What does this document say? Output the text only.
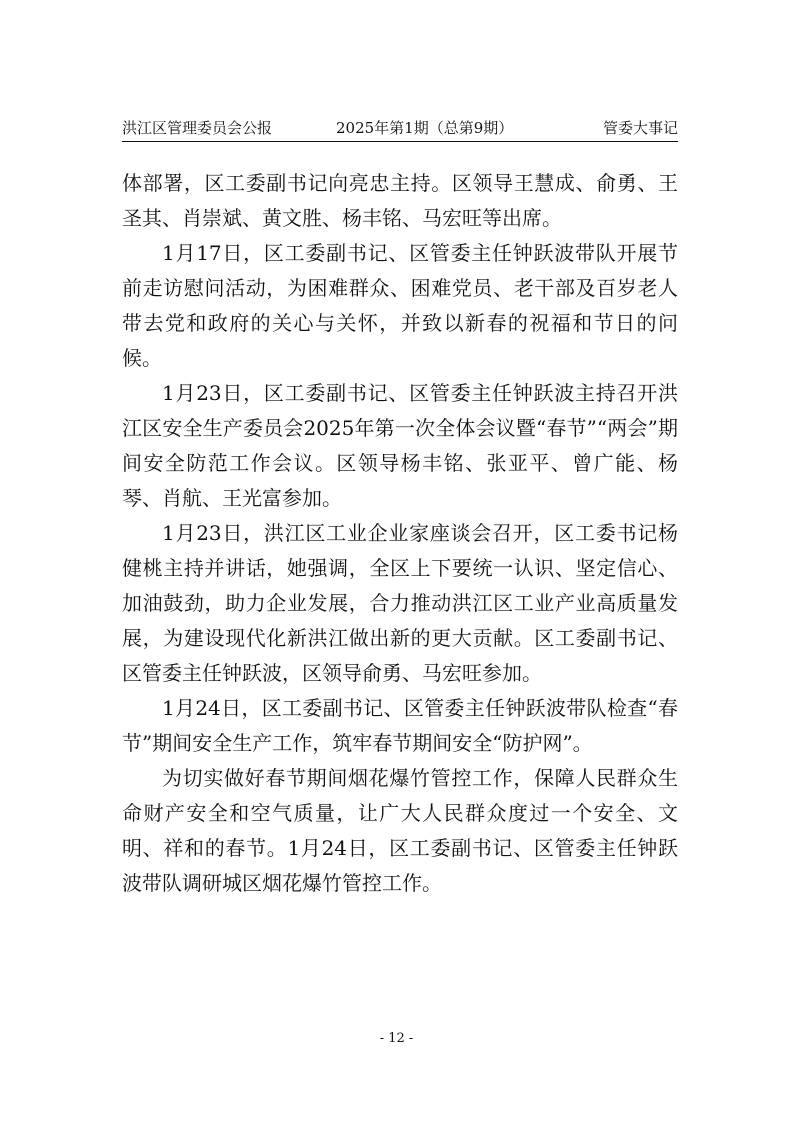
洪江区管理委员会公报	2025年第1期（总第9期）	管委大事记

体部署，区工委副书记向亮忠主持。区领导王慧成、俞勇、王圣其、肖崇斌、黄文胜、杨丰铭、马宏旺等出席。

1月17日，区工委副书记、区管委主任钟跃波带队开展节前走访慰问活动，为困难群众、困难党员、老干部及百岁老人带去党和政府的关心与关怀，并致以新春的祝福和节日的问候。

1月23日，区工委副书记、区管委主任钟跃波主持召开洪江区安全生产委员会2025年第一次全体会议暨“春节”“两会”期间安全防范工作会议。区领导杨丰铭、张亚平、曾广能、杨琴、肖航、王光富参加。

1月23日，洪江区工业企业家座谈会召开，区工委书记杨健桃主持并讲话，她强调，全区上下要统一认识、坚定信心、加油鼓劲，助力企业发展，合力推动洪江区工业产业高质量发展，为建设现代化新洪江做出新的更大贡献。区工委副书记、区管委主任钟跃波，区领导俞勇、马宏旺参加。

1月24日，区工委副书记、区管委主任钟跃波带队检查“春节”期间安全生产工作，筑牢春节期间安全“防护网”。

为切实做好春节期间烟花爆竹管控工作，保障人民群众生命财产安全和空气质量，让广大人民群众度过一个安全、文明、祥和的春节。1月24日，区工委副书记、区管委主任钟跃波带队调研城区烟花爆竹管控工作。

- 12 -
